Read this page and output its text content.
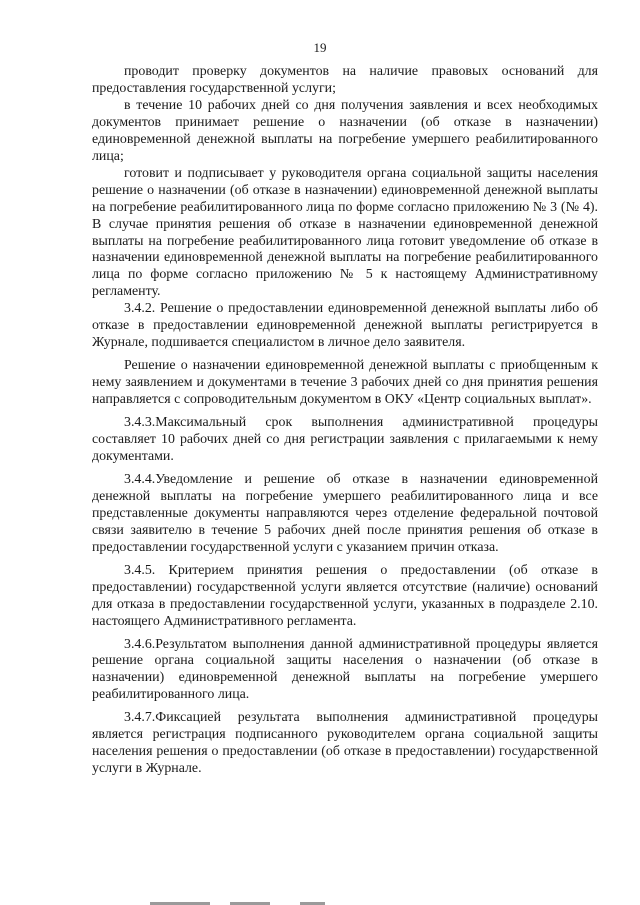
19

проводит проверку документов на наличие правовых оснований для предоставления государственной услуги;

в течение 10 рабочих дней со дня получения заявления и всех необходимых документов принимает решение о назначении (об отказе в назначении) единовременной денежной выплаты на погребение умершего реабилитированного лица;

готовит и подписывает у руководителя органа социальной защиты населения решение о назначении (об отказе в назначении) единовременной денежной выплаты на погребение реабилитированного лица по форме согласно приложению № 3 (№ 4). В случае принятия решения об отказе в назначении единовременной денежной выплаты на погребение реабилитированного лица готовит уведомление об отказе в назначении единовременной денежной выплаты на погребение реабилитированного лица по форме согласно приложению № 5 к настоящему Административному регламенту.

3.4.2. Решение о предоставлении единовременной денежной выплаты либо об отказе в предоставлении единовременной денежной выплаты регистрируется в Журнале, подшивается специалистом в личное дело заявителя.

Решение о назначении единовременной денежной выплаты с приобщенным к нему заявлением и документами в течение 3 рабочих дней со дня принятия решения направляется с сопроводительным документом в ОКУ «Центр социальных выплат».

3.4.3.Максимальный срок выполнения административной процедуры составляет 10 рабочих дней со дня регистрации заявления с прилагаемыми к нему документами.

3.4.4.Уведомление и решение об отказе в назначении единовременной денежной выплаты на погребение умершего реабилитированного лица и все представленные документы направляются через отделение федеральной почтовой связи заявителю в течение 5 рабочих дней после принятия решения об отказе в предоставлении государственной услуги с указанием причин отказа.

3.4.5. Критерием принятия решения о предоставлении (об отказе в предоставлении) государственной услуги является отсутствие (наличие) оснований для отказа в предоставлении государственной услуги, указанных в подразделе 2.10. настоящего Административного регламента.

3.4.6.Результатом выполнения данной административной процедуры является решение органа социальной защиты населения о назначении (об отказе в назначении) единовременной денежной выплаты на погребение умершего реабилитированного лица.

3.4.7.Фиксацией результата выполнения административной процедуры является регистрация подписанного руководителем органа социальной защиты населения решения о предоставлении (об отказе в предоставлении) государственной услуги в Журнале.
